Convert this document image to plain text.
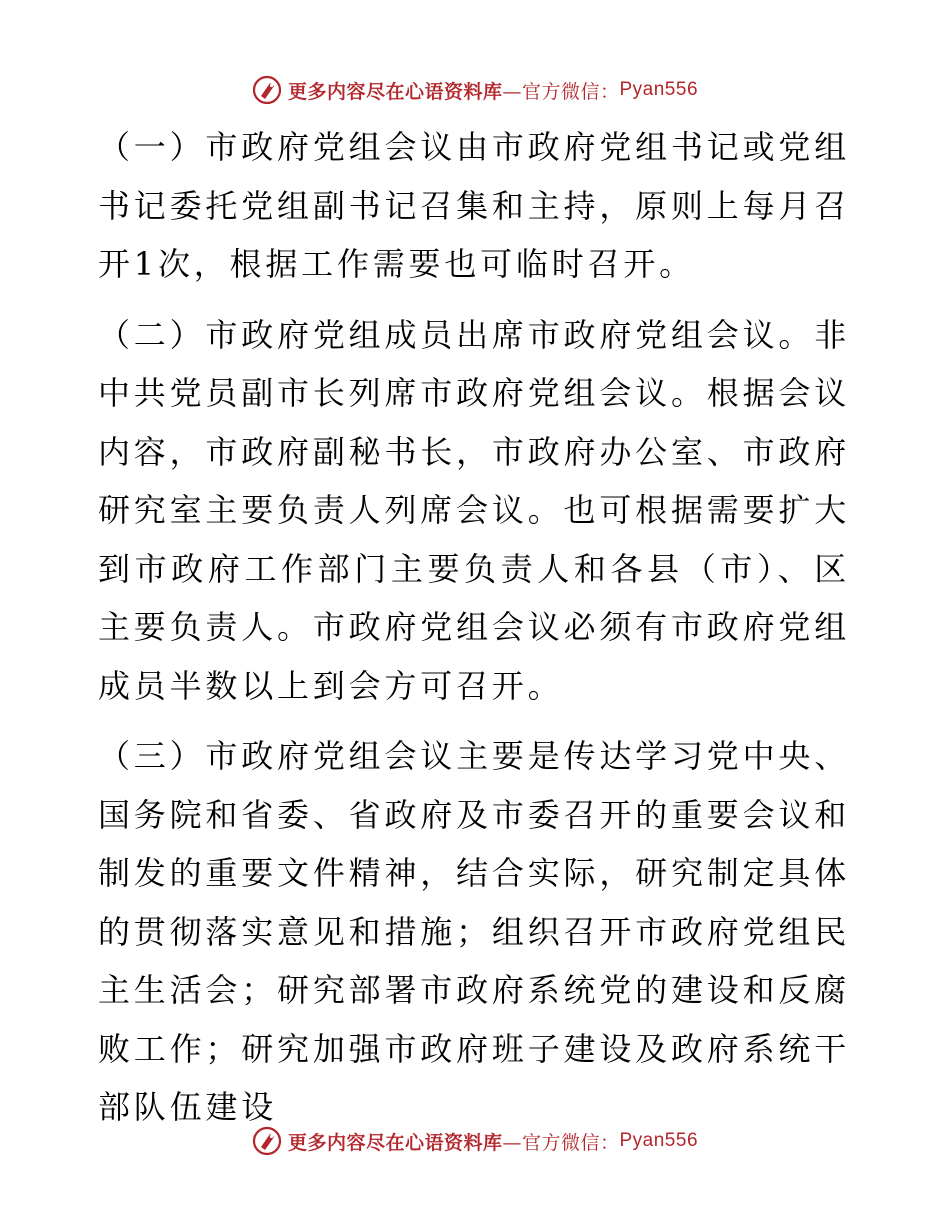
更多内容尽在心语资料库 —官方微信： Pyan556

（一）市政府党组会议由市政府党组书记或党组书记委托党组副书记召集和主持，原则上每月召开1次，根据工作需要也可临时召开。

（二）市政府党组成员出席市政府党组会议。非中共党员副市长列席市政府党组会议。根据会议内容，市政府副秘书长，市政府办公室、市政府研究室主要负责人列席会议。也可根据需要扩大到市政府工作部门主要负责人和各县（市）、区主要负责人。市政府党组会议必须有市政府党组成员半数以上到会方可召开。

（三）市政府党组会议主要是传达学习党中央、国务院和省委、省政府及市委召开的重要会议和制发的重要文件精神，结合实际，研究制定具体的贯彻落实意见和措施；组织召开市政府党组民主生活会；研究部署市政府系统党的建设和反腐败工作；研究加强市政府班子建设及政府系统干部队伍建设

更多内容尽在心语资料库 —官方微信： Pyan556
